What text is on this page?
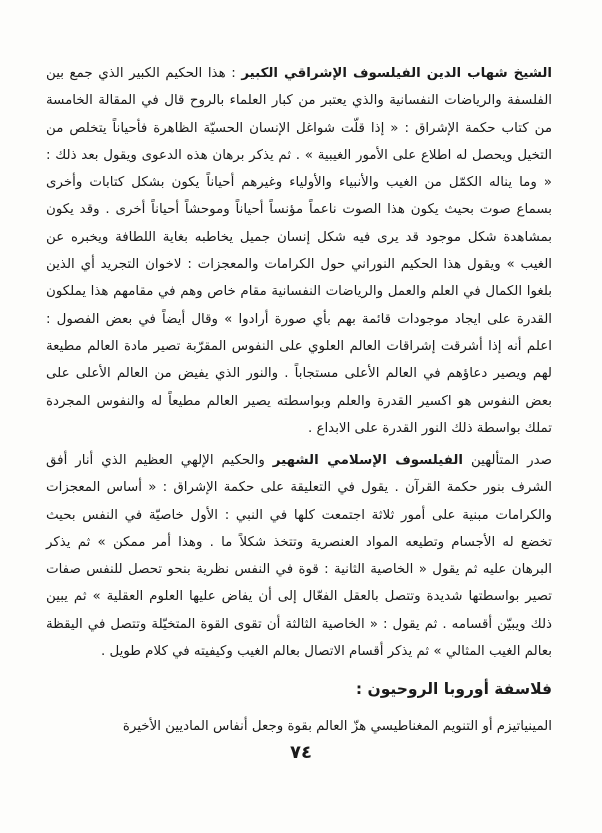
الشيخ شهاب الدين الفيلسوف الإشراقي الكبير : هذا الحكيم الكبير الذي جمع بين الفلسفة والرياضات النفسانية والذي يعتبر من كبار العلماء بالروح قال في المقالة الخامسة من كتاب حكمة الإشراق : « إذا قلّت شواغل الإنسان الحسيّة الظاهرة فأحياناً يتخلص من التخيل ويحصل له اطلاع على الأمور الغيبية » . ثم يذكر برهان هذه الدعوى ويقول بعد ذلك : « وما يناله الكمّل من الغيب والأنبياء والأولياء وغيرهم أحياناً يكون بشكل كتابات وأخرى بسماع صوت بحيث يكون هذا الصوت ناعماً مؤنساً أحياناً وموحشاً أحياناً أخرى . وقد يكون بمشاهدة شكل موجود قد يرى فيه شكل إنسان جميل يخاطبه بغاية اللطافة ويخبره عن الغيب » ويقول هذا الحكيم النوراني حول الكرامات والمعجزات : لاخوان التجريد أي الذين بلغوا الكمال في العلم والعمل والرياضات النفسانية مقام خاص وهم في مقامهم هذا يملكون القدرة على ايجاد موجودات قائمة بهم بأي صورة أرادوا » وقال أيضاً في بعض الفصول : اعلم أنه إذا أشرقت إشراقات العالم العلوي على النفوس المقرّبة تصير مادة العالم مطيعة لهم ويصير دعاؤهم في العالم الأعلى مستجاباً . والنور الذي يفيض من العالم الأعلى على بعض النفوس هو اكسير القدرة والعلم وبواسطته يصير العالم مطيعاً له والنفوس المجردة تملك بواسطة ذلك النور القدرة على الابداع .

صدر المتألهين الفيلسوف الإسلامي الشهير والحكيم الإلهي العظيم الذي أنار أفق الشرف بنور حكمة القرآن . يقول في التعليقة على حكمة الإشراق : « أساس المعجزات والكرامات مبنية على أمور ثلاثة اجتمعت كلها في النبي : الأول خاصيّة في النفس بحيث تخضع له الأجسام وتطيعه المواد العنصرية وتتخذ شكلاً ما . وهذا أمر ممكن » ثم يذكر البرهان عليه ثم يقول « الخاصية الثانية : قوة في النفس نظرية بنحو تحصل للنفس صفات تصير بواسطتها شديدة وتتصل بالعقل الفعّال إلى أن يفاض عليها العلوم العقلية » ثم يبين ذلك ويبيّن أقسامه . ثم يقول : « الخاصية الثالثة أن تقوى القوة المتخيّلة وتتصل في اليقظة بعالم الغيب المثالي » ثم يذكر أقسام الاتصال بعالم الغيب وكيفيته في كلام طويل .

فلاسفة أوروبا الروحيون :

المينياتيزم أو التنويم المغناطيسي هزّ العالم بقوة وجعل أنفاس الماديين الأخيرة

٧٤
